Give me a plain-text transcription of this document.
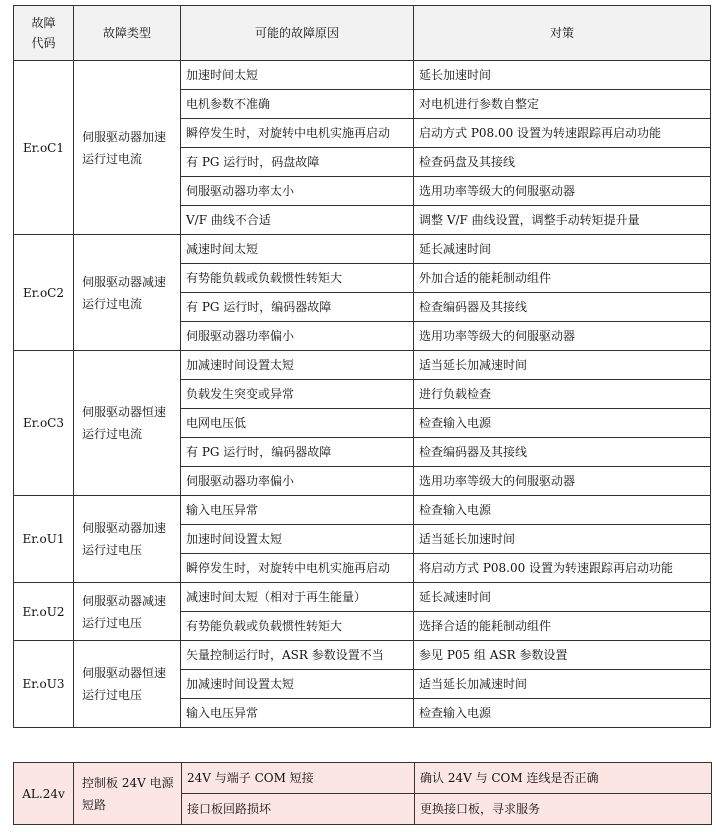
故障
代码	故障类型	可能的故障原因	对策
Er.oC1	伺服驱动器加速运行过电流	加速时间太短	延长加速时间
		电机参数不准确	对电机进行参数自整定
		瞬停发生时，对旋转中电机实施再启动	启动方式 P08.00 设置为转速跟踪再启动功能
		有 PG 运行时，码盘故障	检查码盘及其接线
		伺服驱动器功率太小	选用功率等级大的伺服驱动器
		V/F 曲线不合适	调整 V/F 曲线设置，调整手动转矩提升量
Er.oC2	伺服驱动器减速运行过电流	减速时间太短	延长减速时间
		有势能负载或负载惯性转矩大	外加合适的能耗制动组件
		有 PG 运行时，编码器故障	检查编码器及其接线
		伺服驱动器功率偏小	选用功率等级大的伺服驱动器
Er.oC3	伺服驱动器恒速运行过电流	加减速时间设置太短	适当延长加减速时间
		负载发生突变或异常	进行负载检查
		电网电压低	检查输入电源
		有 PG 运行时，编码器故障	检查编码器及其接线
		伺服驱动器功率偏小	选用功率等级大的伺服驱动器
Er.oU1	伺服驱动器加速运行过电压	输入电压异常	检查输入电源
		加速时间设置太短	适当延长加速时间
		瞬停发生时，对旋转中电机实施再启动	将启动方式 P08.00 设置为转速跟踪再启动功能
Er.oU2	伺服驱动器减速运行过电压	减速时间太短（相对于再生能量）	延长减速时间
		有势能负载或负载惯性转矩大	选择合适的能耗制动组件
Er.oU3	伺服驱动器恒速运行过电压	矢量控制运行时，ASR 参数设置不当	参见 P05 组 ASR 参数设置
		加减速时间设置太短	适当延长加减速时间
		输入电压异常	检查输入电源
AL.24v	控制板 24V 电源短路	24V 与端子 COM 短接	确认 24V 与 COM 连线是否正确
		接口板回路损坏	更换接口板，寻求服务
